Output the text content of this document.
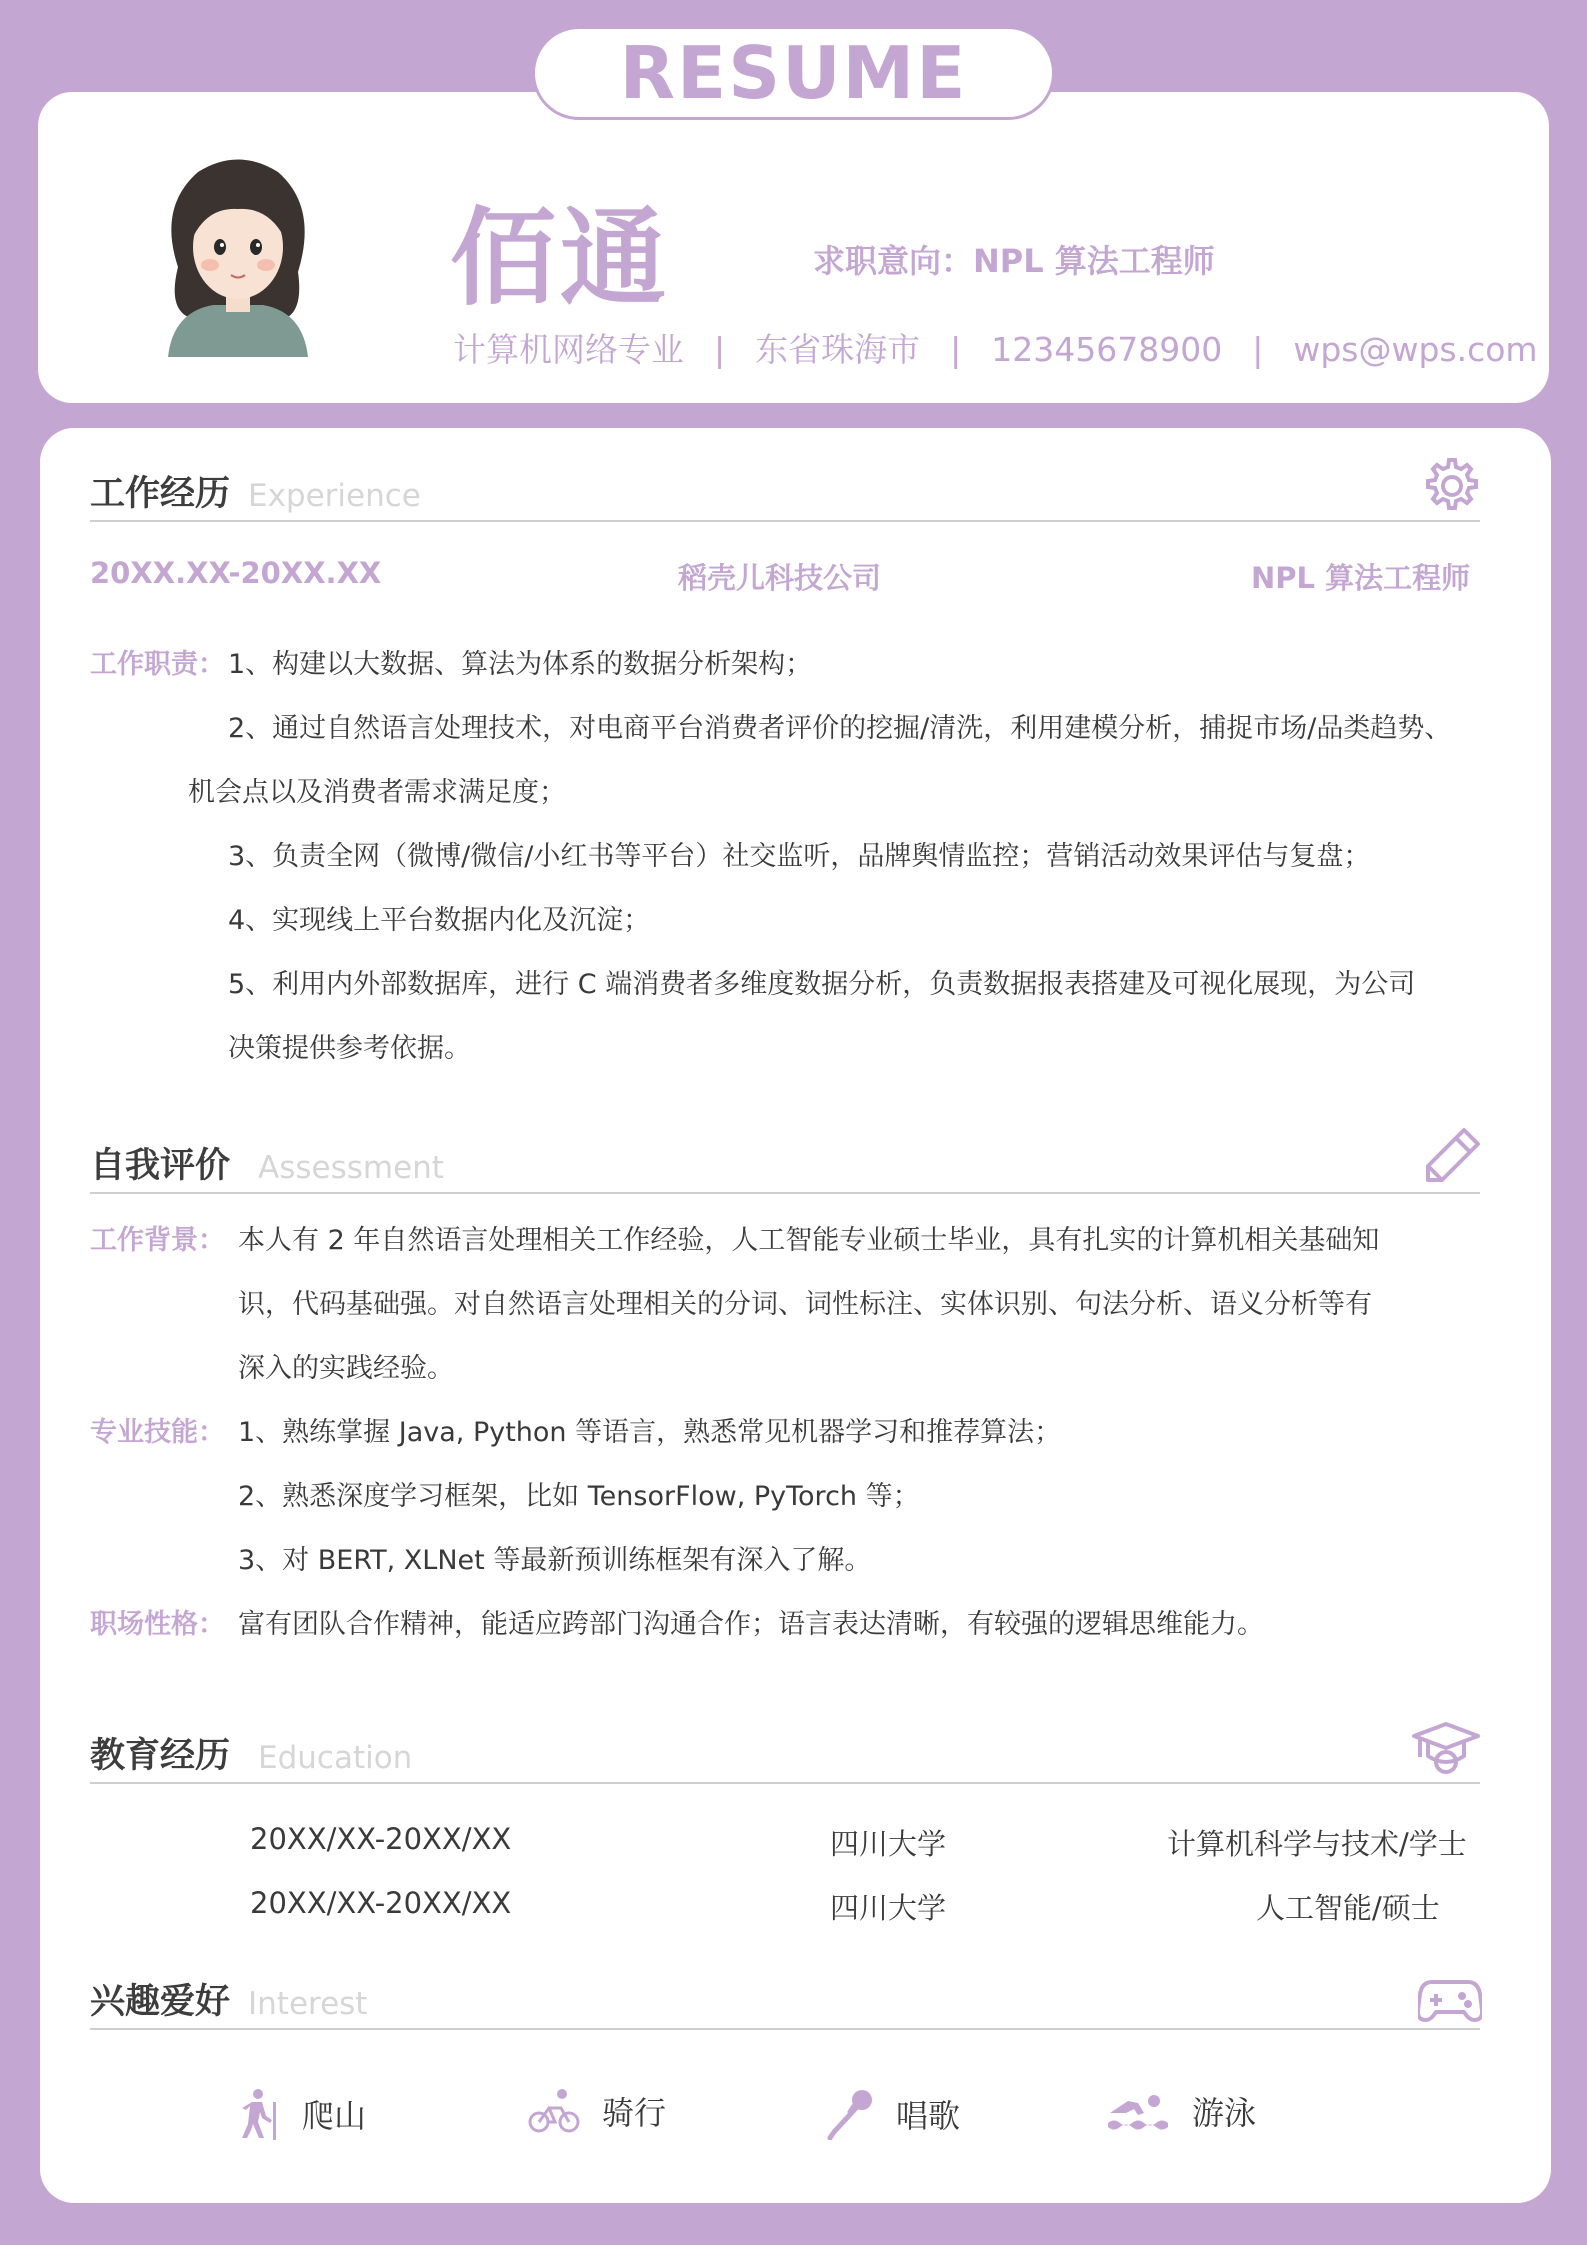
RESUME
佰通	求职意向：NPL 算法工程师
计算机网络专业 | 东省珠海市 | 12345678900 | wps@wps.com
工作经历 Experience
20XX.XX-20XX.XX	稻壳儿科技公司	NPL 算法工程师
工作职责： 1、构建以大数据、算法为体系的数据分析架构；
2、通过自然语言处理技术，对电商平台消费者评价的挖掘/清洗，利用建模分析，捕捉市场/品类趋势、
机会点以及消费者需求满足度；
3、负责全网（微博/微信/小红书等平台）社交监听，品牌舆情监控；营销活动效果评估与复盘；
4、实现线上平台数据内化及沉淀；
5、利用内外部数据库，进行 C 端消费者多维度数据分析，负责数据报表搭建及可视化展现，为公司
决策提供参考依据。
自我评价 Assessment
工作背景： 本人有 2 年自然语言处理相关工作经验，人工智能专业硕士毕业，具有扎实的计算机相关基础知
识，代码基础强。对自然语言处理相关的分词、词性标注、实体识别、句法分析、语义分析等有
深入的实践经验。
专业技能： 1、熟练掌握 Java, Python 等语言，熟悉常见机器学习和推荐算法；
2、熟悉深度学习框架，比如 TensorFlow, PyTorch 等；
3、对 BERT, XLNet 等最新预训练框架有深入了解。
职场性格： 富有团队合作精神，能适应跨部门沟通合作；语言表达清晰，有较强的逻辑思维能力。
教育经历 Education
20XX/XX-20XX/XX	四川大学	计算机科学与技术/学士
20XX/XX-20XX/XX	四川大学	人工智能/硕士
兴趣爱好 Interest
爬山	骑行	唱歌	游泳
